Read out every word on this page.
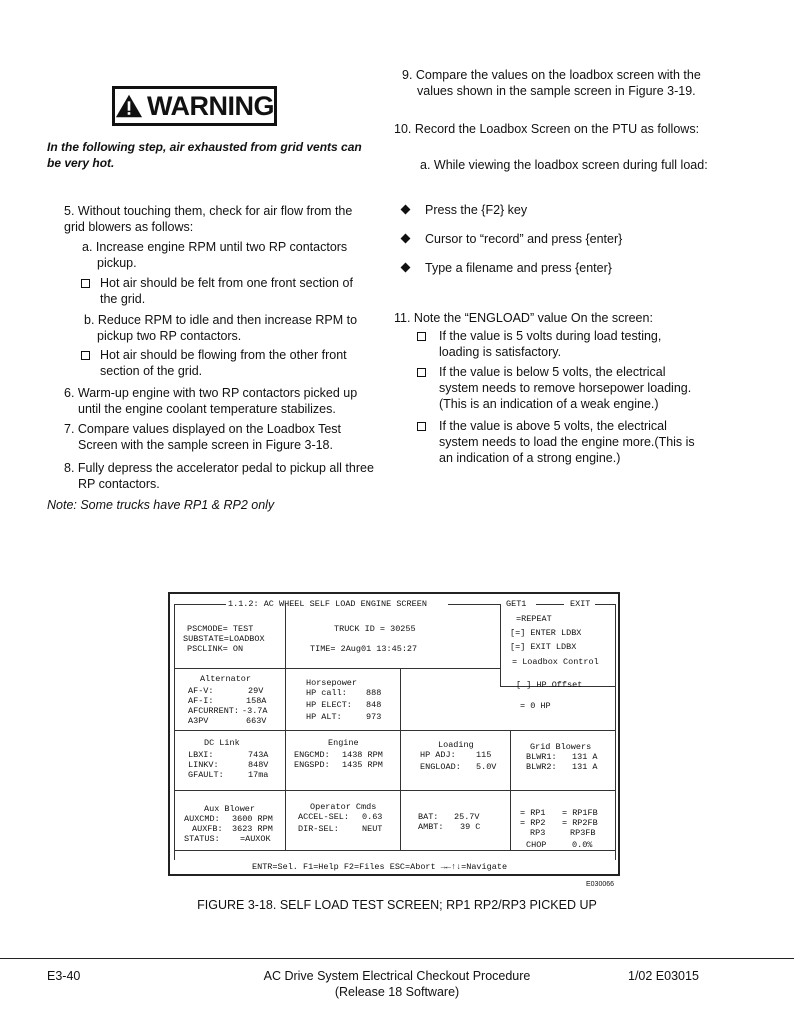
WARNING
In the following step, air exhausted from grid vents can be very hot.
5. Without touching them, check for air flow from the grid blowers as follows:
a. Increase engine RPM until two RP contactors pickup.
Hot air should be felt from one front section of the grid.
b. Reduce RPM to idle and then increase RPM to pickup two RP contactors.
Hot air should be flowing from the other front section of the grid.
6. Warm-up engine with two RP contactors picked up until the engine coolant temperature stabilizes.
7. Compare values displayed on the Loadbox Test Screen with the sample screen in Figure 3-18.
8. Fully depress the accelerator pedal to pickup all three RP contactors.
Note: Some trucks have RP1 & RP2 only
9. Compare the values on the loadbox screen with the values shown in the sample screen in Figure 3-19.
10. Record the Loadbox Screen on the PTU as follows:
a. While viewing the loadbox screen during full load:
Press the {F2} key
Cursor to “record” and press {enter}
Type a filename and press {enter}
11. Note the “ENGLOAD” value On the screen:
If the value is 5 volts during load testing, loading is satisfactory.
If the value is below 5 volts, the electrical system needs to remove horsepower loading. (This is an indication of a weak engine.)
If the value is above 5 volts, the electrical system needs to load the engine more.(This is an indication of a strong engine.)
1.1.2: AC WHEEL SELF LOAD ENGINE SCREEN	GET1	EXIT
=REPEAT
[=] ENTER LDBX
[=] EXIT LDBX
= Loadbox Control
[ ] HP Offset
= 0 HP
PSCMODE= TEST
SUBSTATE=LOADBOX
PSCLINK= ON
TRUCK ID = 30255
TIME= 2Aug01 13:45:27
Alternator
AF-V:	29V
AF-I:	158A
AFCURRENT: -3.7A
A3PV	663V
Horsepower
HP call: 888
HP ELECT: 848
HP ALT:	973
DC Link
LBXI:	743A
LINKV:	848V
GFAULT:	17ma
Engine
ENGCMD: 1438 RPM
ENGSPD: 1435 RPM
Loading
HP ADJ: 115
ENGLOAD: 5.0V
Grid Blowers
BLWR1: 131 A
BLWR2: 131 A
Aux Blower
AUXCMD: 3600 RPM
AUXFB: 3623 RPM
STATUS: =AUXOK
Operator Cmds
ACCEL-SEL: 0.63
DIR-SEL:	NEUT
BAT: 25.7V
AMBT: 39 C
= RP1 = RP1FB
= RP2 = RP2FB
RP3	RP3FB
CHOP	0.0%
ENTR=Sel. F1=Help F2=Files ESC=Abort →←↑↓=Navigate
E030066
FIGURE 3-18. SELF LOAD TEST SCREEN; RP1 RP2/RP3 PICKED UP
E3-40	AC Drive System Electrical Checkout Procedure
(Release 18 Software)
1/02 E03015
